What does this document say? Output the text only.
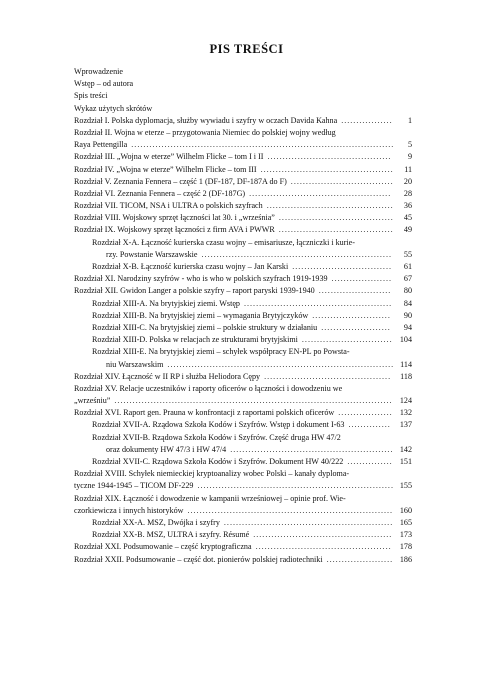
PIS TREŚCI
Wprowadzenie
Wstęp – od autora
Spis treści
Wykaz użytych skrótów
Rozdział I. Polska dyplomacja, służby wywiadu i szyfry w oczach Davida Kahna .................	1
Rozdział II. Wojna w eterze – przygotowania Niemiec do polskiej wojny według
Raya Pettengilla .......................................................................................	5
Rozdział III. „Wojna w eterze” Wilhelm Flicke – tom I i II .........................................	9
Rozdział IV. „Wojna w eterze” Wilhelm Flicke – tom III ............................................	11
Rozdział V. Zeznania Fennera – część 1 (DF-187, DF-187A do F) ..................................	20
Rozdział VI. Zeznania Fennera – część 2 (DF-187G) ...............................................	28
Rozdział VII. TICOM, NSA i ULTRA o polskich szyfrach ..........................................	36
Rozdział VIII. Wojskowy sprzęt łączności lat 30. i „września” ......................................	45
Rozdział IX. Wojskowy sprzęt łączności z firm AVA i PWWR ......................................	49
Rozdział X-A. Łączność kurierska czasu wojny – emisariusze, łączniczki i kurie-
rzy. Powstanie Warszawskie ...............................................................	55
Rozdział X-B. Łączność kurierska czasu wojny – Jan Karski .................................	61
Rozdział XI. Narodziny szyfrów - who is who w polskich szyfrach 1919-1939 ....................	67
Rozdział XII. Gwidon Langer a polskie szyfry – raport paryski 1939-1940 ........................	80
Rozdział XIII-A. Na brytyjskiej ziemi. Wstęp .................................................	84
Rozdział XIII-B. Na brytyjskiej ziemi – wymagania Brytyjczyków ..........................	90
Rozdział XIII-C. Na brytyjskiej ziemi – polskie struktury w działaniu .......................	94
Rozdział XIII-D. Polska w relacjach ze strukturami brytyjskimi .............................. 104
Rozdział XIII-E. Na brytyjskiej ziemi – schyłek współpracy EN-PL po Powsta-
niu Warszawskim ........................................................................... 114
Rozdział XIV. Łączność w II RP i służba Heliodora Cępy ..........................................	118
Rozdział XV. Relacje uczestników i raporty oficerów o łączności i dowodzeniu we
„wrześniu” ............................................................................................ 124
Rozdział XVI. Raport gen. Prauna w konfrontacji z raportami polskich oficerów .................. 132
Rozdział XVII-A. Rządowa Szkoła Kodów i Szyfrów. Wstęp i dokument I-63 ..............	137
Rozdział XVII-B. Rządowa Szkoła Kodów i Szyfrów. Część druga HW 47/2
oraz dokumenty HW 47/3 i HW 47/4 ...................................................... 142
Rozdział XVII-C. Rządowa Szkoła Kodów i Szyfrów. Dokument HW 40/222 ............... 151
Rozdział XVIII. Schyłek niemieckiej kryptoanalizy wobec Polski – kanały dyploma-
tyczne 1944-1945 – TICOM DF-229 ................................................................. 155
Rozdział XIX. Łączność i dowodzenie w kampanii wrześniowej – opinie prof. Wie-
czorkiewicza i innych historyków .................................................................... 160
Rozdział XX-A. MSZ, Dwójka i szyfry ........................................................ 165
Rozdział XX-B. MSZ, ULTRA i szyfry. Résumé .............................................. 173
Rozdział XXI. Podsumowanie – część kryptograficzna .............................................	178
Rozdział XXII. Podsumowanie – część dot. pionierów polskiej radiotechniki ...................... 186
